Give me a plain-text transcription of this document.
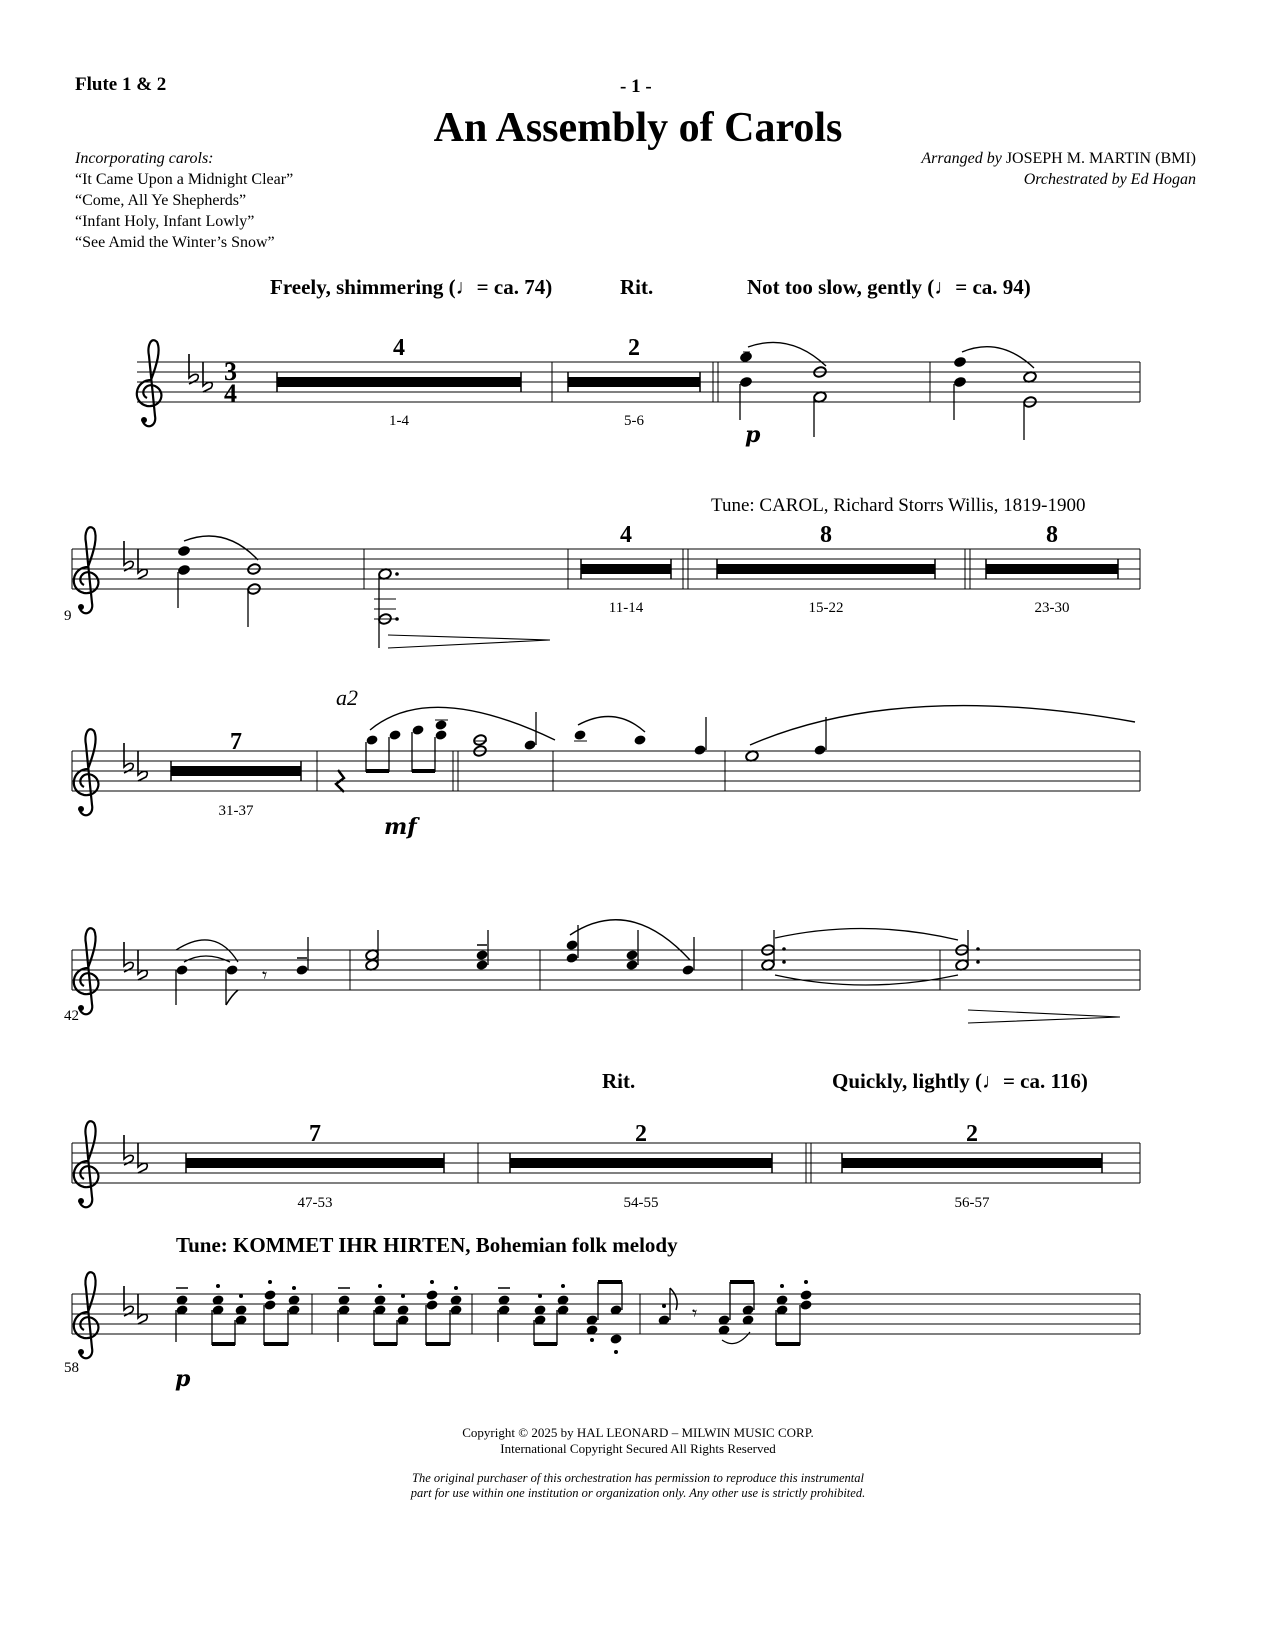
Flute 1 & 2	- 1 -
An Assembly of Carols
Incorporating carols:
“It Came Upon a Midnight Clear”
“Come, All Ye Shepherds”
“Infant Holy, Infant Lowly”
“See Amid the Winter’s Snow”
Arranged by JOSEPH M. MARTIN (BMI)
Orchestrated by Ed Hogan
Freely, shimmering (♩= ca. 74)	Rit.	Not too slow, gently (♩= ca. 94)
Tune: CAROL, Richard Storrs Willis, 1819-1900
Rit.	Quickly, lightly (♩= ca. 116)
Tune: KOMMET IHR HIRTEN, Bohemian folk melody
Copyright © 2025 by HAL LEONARD – MILWIN MUSIC CORP.
International Copyright Secured All Rights Reserved
The original purchaser of this orchestration has permission to reproduce this instrumental
part for use within one institution or organization only. Any other use is strictly prohibited.
3
4
4
1-4
2
5-6
p
9
4
11-14
8
15-22
8
23-30
7
31-37
a2
mf
42
𝄾
7
47-53
2
54-55
2
56-57
58
𝄾
p
